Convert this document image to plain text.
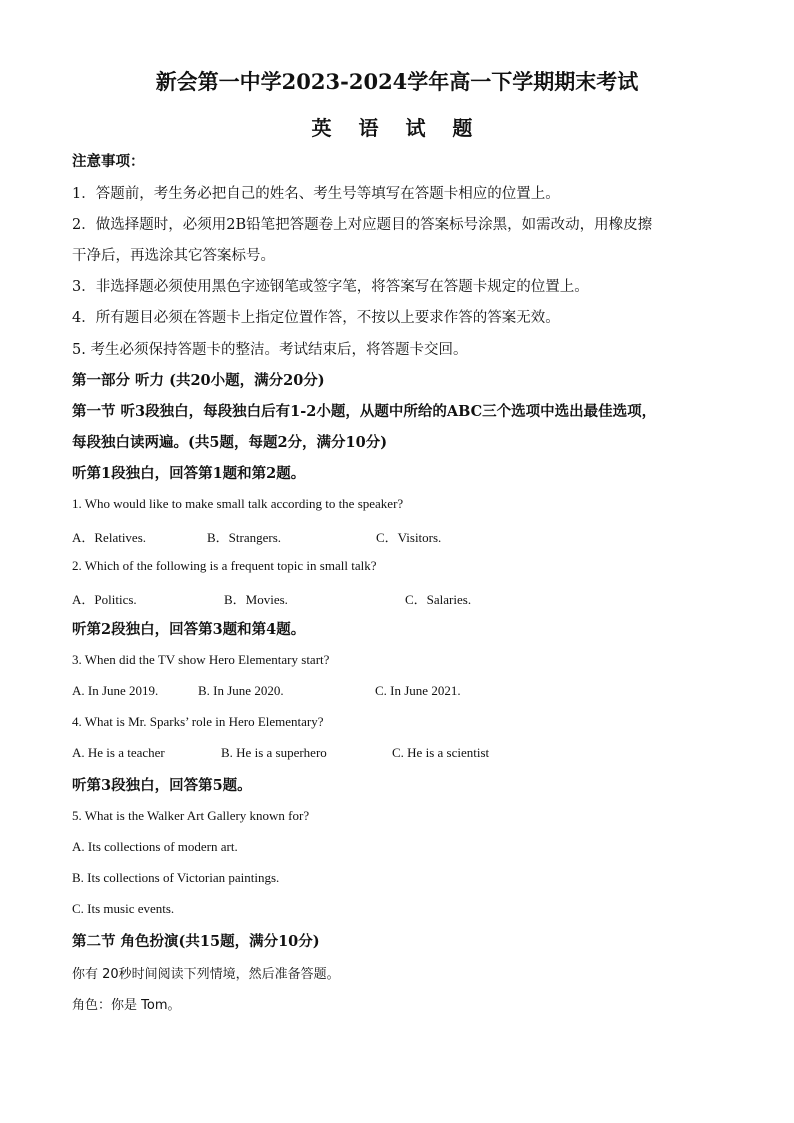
新会第一中学2023-2024学年高一下学期期末考试
英 语 试 题
注意事项：
1．答题前，考生务必把自己的姓名、考生号等填写在答题卡相应的位置上。
2．做选择题时，必须用2B铅笔把答题卷上对应题目的答案标号涂黑，如需改动，用橡皮擦
干净后，再选涂其它答案标号。
3．非选择题必须使用黑色字迹钢笔或签字笔，将答案写在答题卡规定的位置上。
4．所有题目必须在答题卡上指定位置作答，不按以上要求作答的答案无效。
5. 考生必须保持答题卡的整洁。考试结束后，将答题卡交回。
第一部分 听力 (共20小题，满分20分)
第一节 听3段独白，每段独白后有1-2小题，从题中所给的ABC三个选项中选出最佳选项，
每段独白读两遍。(共5题，每题2分，满分10分)
听第1段独白，回答第1题和第2题。
1. Who would like to make small talk according to the speaker?
A．Relatives.	B．Strangers.	C．Visitors.
2. Which of the following is a frequent topic in small talk?
A．Politics.	B．Movies.	C．Salaries.
听第2段独白，回答第3题和第4题。
3. When did the TV show Hero Elementary start?
A. In June 2019.	B. In June 2020.	C. In June 2021.
4. What is Mr. Sparks’ role in Hero Elementary?
A. He is a teacher	B. He is a superhero	C. He is a scientist
听第3段独白，回答第5题。
5. What is the Walker Art Gallery known for?
A. Its collections of modern art.
B. Its collections of Victorian paintings.
C. Its music events.
第二节 角色扮演(共15题，满分10分)
你有 20秒时间阅读下列情境，然后准备答题。
角色：你是 Tom。
